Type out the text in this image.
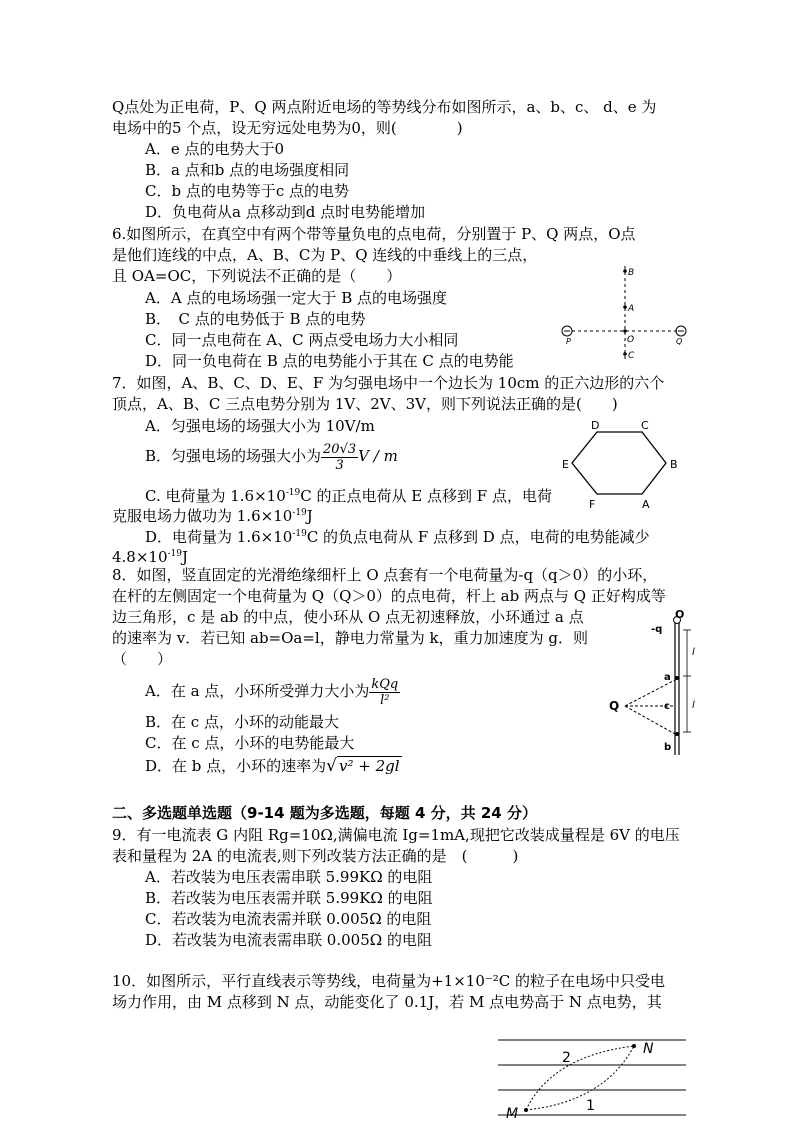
Q点处为正电荷，P、Q 两点附近电场的等势线分布如图所示，a、b、c、 d、e 为
电场中的5 个点，设无穷远处电势为0，则(　　　　)
A．e 点的电势大于0
B．a 点和b 点的电场强度相同
C．b 点的电势等于c 点的电势
D．负电荷从a 点移动到d 点时电势能增加
6.如图所示，在真空中有两个带等量负电的点电荷，分别置于 P、Q 两点，O点
是他们连线的中点，A、B、C为 P、Q 连线的中垂线上的三点，
且 OA=OC，下列说法不正确的是（　　）
A．A 点的电场场强一定大于 B 点的电场强度
B．　C 点的电势低于 B 点的电势
C．同一点电荷在 A、C 两点受电场力大小相同
D．同一负电荷在 B 点的电势能小于其在 C 点的电势能
B
A
O
C
P	Q
7．如图，A、B、C、D、E、F 为匀强电场中一个边长为 10cm 的正六边形的六个
顶点，A、B、C 三点电势分别为 1V、2V、3V，则下列说法正确的是(　　)
A．匀强电场的场强大小为 10V/m
B．匀强电场的场强大小为 $\frac{20√3}{3}$ V / m
C. 电荷量为 $1.6\times 10^{-19}C$ 的正点电荷从 E 点移到 F 点，电荷
克服电场力做功为 $1.6\times 10^{-19}J$
D．电荷量为 $1.6\times 10^{-19}C$ 的负点电荷从 F 点移到 D 点，电荷的电势能减少
$4.8\times 10^{-19}J$
D	C
E	B
F	A
8．如图，竖直固定的光滑绝缘细杆上 O 点套有一个电荷量为-q（q＞0）的小环，
在杆的左侧固定一个电荷量为 Q（Q＞0）的点电荷，杆上 ab 两点与 Q 正好构成等
边三角形，c 是 ab 的中点，使小环从 O 点无初速释放，小环通过 a 点
的速率为 v．若已知 ab=Oa=l，静电力常量为 k，重力加速度为 g．则
（　　）
A．在 a 点，小环所受弹力大小为 $\frac{\text{kQq}}{\text{l²}}$
B．在 c 点，小环的动能最大
C．在 c 点，小环的电势能最大
D．在 b 点，小环的速率为√ v² + 2gl
O
-q
l
l
a
c
b
Q
二、多选题单选题（9-14 题为多选题，每题 4 分，共 24 分）
9．有一电流表 G 内阻 Rg=10Ω,满偏电流 Ig=1mA,现把它改装成量程是 6V 的电压
表和量程为 2A 的电流表,则下列改装方法正确的是　(　　　)
A．若改装为电压表需串联 5.99KΩ 的电阻
B．若改装为电压表需并联 5.99KΩ 的电阻
C．若改装为电流表需并联 0.005Ω 的电阻
D．若改装为电流表需串联 0.005Ω 的电阻
10．如图所示，平行直线表示等势线，电荷量为+1×10⁻²C 的粒子在电场中只受电
场力作用，由 M 点移到 N 点，动能变化了 0.1J，若 M 点电势高于 N 点电势，其
N
M
2
1
